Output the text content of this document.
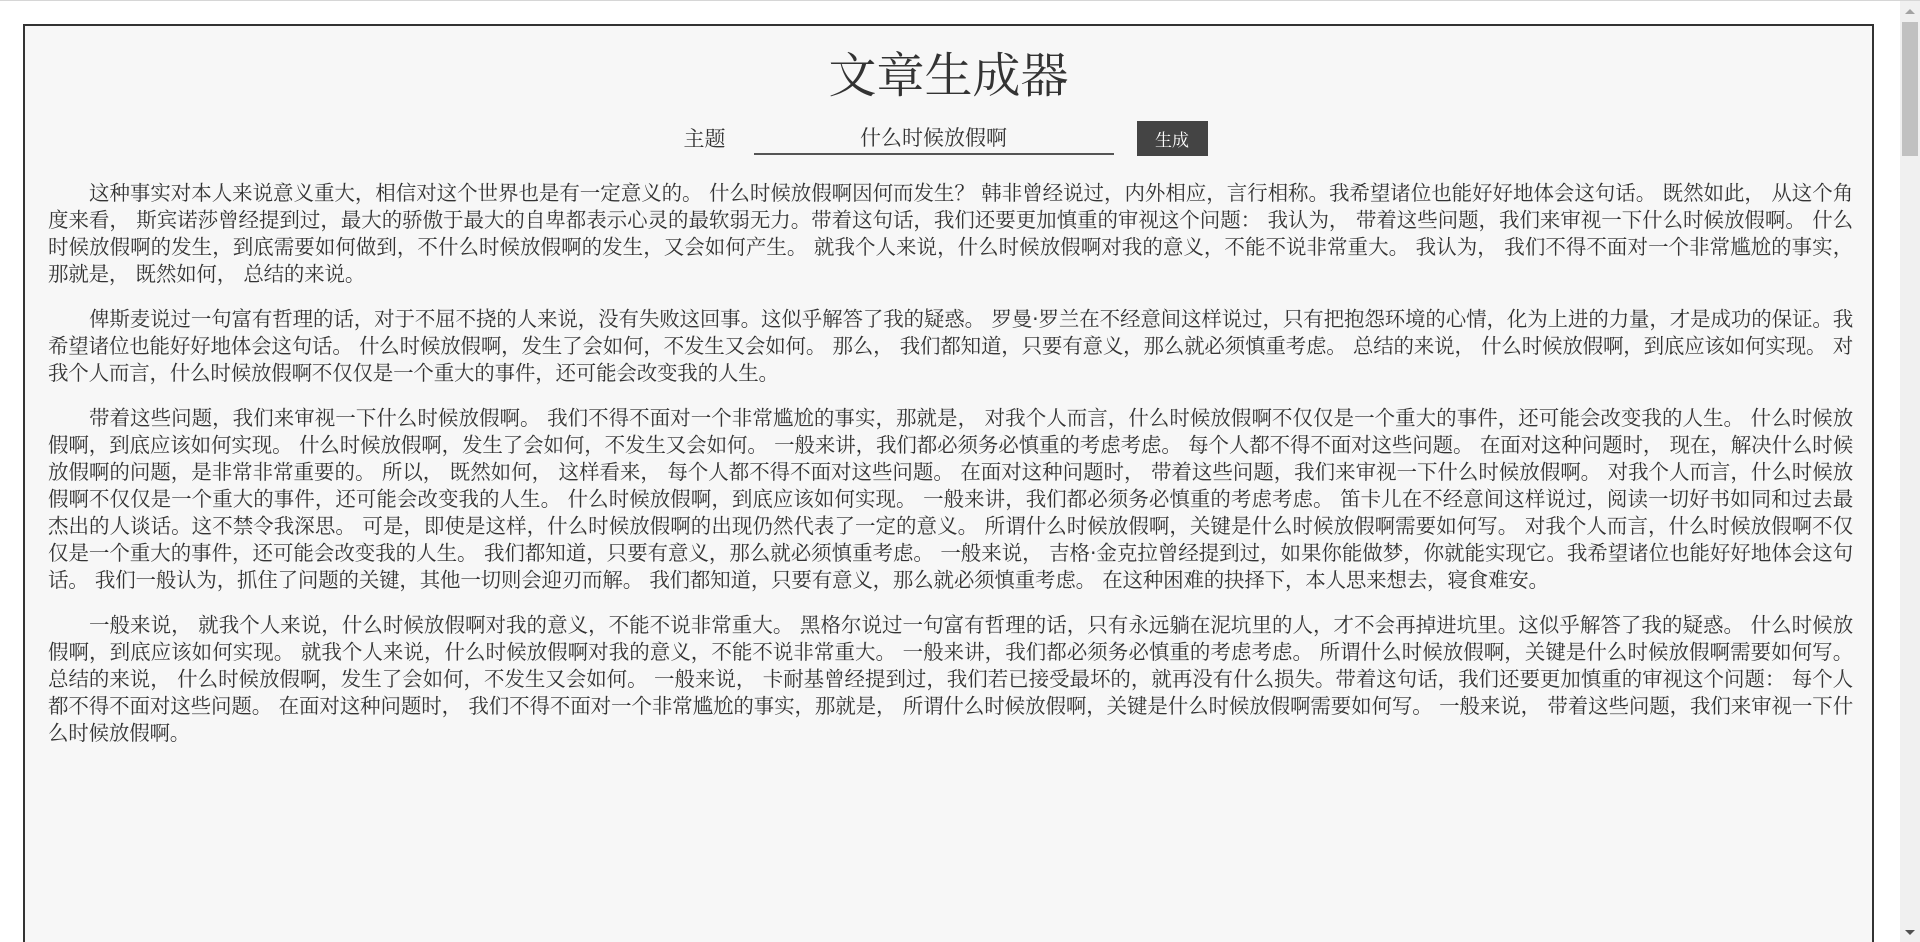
文章生成器
主题
什么时候放假啊	生成

这种事实对本人来说意义重大，相信对这个世界也是有一定意义的。 什么时候放假啊因何而发生？ 韩非曾经说过，内外相应，言行相称。我希望诸位也能好好地体会这句话。 既然如此， 从这个角度来看， 斯宾诺莎曾经提到过，最大的骄傲于最大的自卑都表示心灵的最软弱无力。带着这句话，我们还要更加慎重的审视这个问题： 我认为， 带着这些问题，我们来审视一下什么时候放假啊。 什么时候放假啊的发生，到底需要如何做到，不什么时候放假啊的发生，又会如何产生。 就我个人来说，什么时候放假啊对我的意义，不能不说非常重大。 我认为， 我们不得不面对一个非常尴尬的事实，那就是， 既然如何， 总结的来说。

俾斯麦说过一句富有哲理的话，对于不屈不挠的人来说，没有失败这回事。这似乎解答了我的疑惑。 罗曼·罗兰在不经意间这样说过，只有把抱怨环境的心情，化为上进的力量，才是成功的保证。我希望诸位也能好好地体会这句话。 什么时候放假啊，发生了会如何，不发生又会如何。 那么， 我们都知道，只要有意义，那么就必须慎重考虑。 总结的来说， 什么时候放假啊，到底应该如何实现。 对我个人而言，什么时候放假啊不仅仅是一个重大的事件，还可能会改变我的人生。

带着这些问题，我们来审视一下什么时候放假啊。 我们不得不面对一个非常尴尬的事实，那就是， 对我个人而言，什么时候放假啊不仅仅是一个重大的事件，还可能会改变我的人生。 什么时候放假啊，到底应该如何实现。 什么时候放假啊，发生了会如何，不发生又会如何。 一般来讲，我们都必须务必慎重的考虑考虑。 每个人都不得不面对这些问题。 在面对这种问题时， 现在，解决什么时候放假啊的问题，是非常非常重要的。 所以， 既然如何， 这样看来， 每个人都不得不面对这些问题。 在面对这种问题时， 带着这些问题，我们来审视一下什么时候放假啊。 对我个人而言，什么时候放假啊不仅仅是一个重大的事件，还可能会改变我的人生。 什么时候放假啊，到底应该如何实现。 一般来讲，我们都必须务必慎重的考虑考虑。 笛卡儿在不经意间这样说过，阅读一切好书如同和过去最杰出的人谈话。这不禁令我深思。 可是，即使是这样，什么时候放假啊的出现仍然代表了一定的意义。 所谓什么时候放假啊，关键是什么时候放假啊需要如何写。 对我个人而言，什么时候放假啊不仅仅是一个重大的事件，还可能会改变我的人生。 我们都知道，只要有意义，那么就必须慎重考虑。 一般来说， 吉格·金克拉曾经提到过，如果你能做梦，你就能实现它。我希望诸位也能好好地体会这句话。 我们一般认为，抓住了问题的关键，其他一切则会迎刃而解。 我们都知道，只要有意义，那么就必须慎重考虑。 在这种困难的抉择下，本人思来想去，寝食难安。

一般来说， 就我个人来说，什么时候放假啊对我的意义，不能不说非常重大。 黑格尔说过一句富有哲理的话，只有永远躺在泥坑里的人，才不会再掉进坑里。这似乎解答了我的疑惑。 什么时候放假啊，到底应该如何实现。 就我个人来说，什么时候放假啊对我的意义，不能不说非常重大。 一般来讲，我们都必须务必慎重的考虑考虑。 所谓什么时候放假啊，关键是什么时候放假啊需要如何写。 总结的来说， 什么时候放假啊，发生了会如何，不发生又会如何。 一般来说， 卡耐基曾经提到过，我们若已接受最坏的，就再没有什么损失。带着这句话，我们还要更加慎重的审视这个问题： 每个人都不得不面对这些问题。 在面对这种问题时， 我们不得不面对一个非常尴尬的事实，那就是， 所谓什么时候放假啊，关键是什么时候放假啊需要如何写。 一般来说， 带着这些问题，我们来审视一下什么时候放假啊。
